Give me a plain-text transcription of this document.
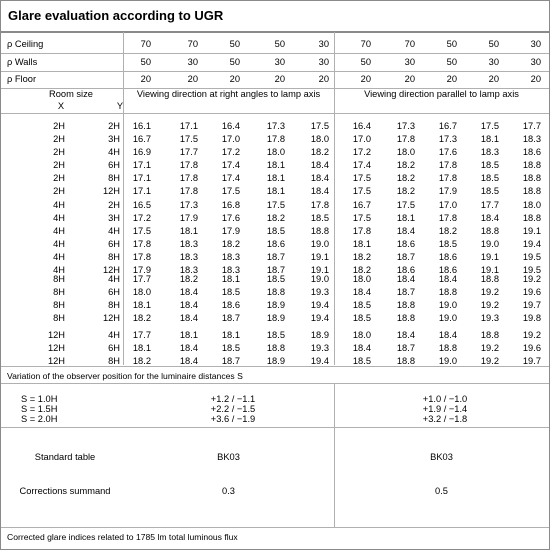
Glare evaluation according to UGR
ρ Ceiling	70	70	50	50	30	70	70	50	50	30
ρ Walls	50	30	50	30	30	50	30	50	30	30
ρ Floor	20	20	20	20	20	20	20	20	20	20
Room size
X	Y
Viewing direction at right angles to lamp axis	Viewing direction parallel to lamp axis
2H	2H	16.1	17.1	16.4	17.3	17.5	16.4	17.3	16.7	17.5	17.7
2H	3H	16.7	17.5	17.0	17.8	18.0	17.0	17.8	17.3	18.1	18.3
2H	4H	16.9	17.7	17.2	18.0	18.2	17.2	18.0	17.6	18.3	18.6
2H	6H	17.1	17.8	17.4	18.1	18.4	17.4	18.2	17.8	18.5	18.8
2H	8H	17.1	17.8	17.4	18.1	18.4	17.5	18.2	17.8	18.5	18.8
2H	12H	17.1	17.8	17.5	18.1	18.4	17.5	18.2	17.9	18.5	18.8
4H	2H	16.5	17.3	16.8	17.5	17.8	16.7	17.5	17.0	17.7	18.0
4H	3H	17.2	17.9	17.6	18.2	18.5	17.5	18.1	17.8	18.4	18.8
4H	4H	17.5	18.1	17.9	18.5	18.8	17.8	18.4	18.2	18.8	19.1
4H	6H	17.8	18.3	18.2	18.6	19.0	18.1	18.6	18.5	19.0	19.4
4H	8H	17.8	18.3	18.3	18.7	19.1	18.2	18.7	18.6	19.1	19.5
4H	12H	17.9	18.3	18.3	18.7	19.1	18.2	18.6	18.6	19.1	19.5
8H	4H	17.7	18.2	18.1	18.5	19.0	18.0	18.4	18.4	18.8	19.2
8H	6H	18.0	18.4	18.5	18.8	19.3	18.4	18.7	18.8	19.2	19.6
8H	8H	18.1	18.4	18.6	18.9	19.4	18.5	18.8	19.0	19.2	19.7
8H	12H	18.2	18.4	18.7	18.9	19.4	18.5	18.8	19.0	19.3	19.8
12H	4H	17.7	18.1	18.1	18.5	18.9	18.0	18.4	18.4	18.8	19.2
12H	6H	18.1	18.4	18.5	18.8	19.3	18.4	18.7	18.8	19.2	19.6
12H	8H	18.2	18.4	18.7	18.9	19.4	18.5	18.8	19.0	19.2	19.7
Variation of the observer position for the luminaire distances S
S = 1.0H	+1.2 / −1.1	+1.0 / −1.0
S = 1.5H	+2.2 / −1.5	+1.9 / −1.4
S = 2.0H	+3.6 / −1.9	+3.2 / −1.8
Standard table	BK03	BK03
Corrections summand	0.3	0.5
Corrected glare indices related to 1785 lm total luminous flux
